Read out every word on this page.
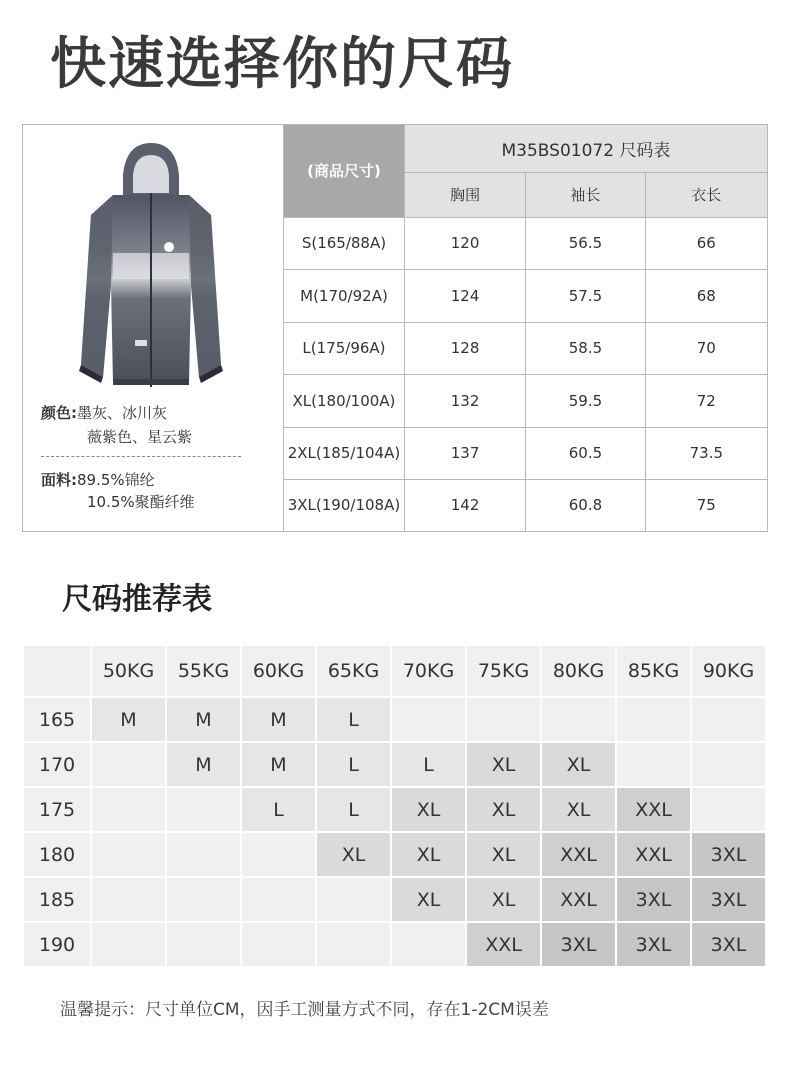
快速选择你的尺码
颜色:墨灰、冰川灰
薇紫色、星云紫
面料:89.5%锦纶
10.5%聚酯纤维
(商品尺寸)	M35BS01072 尺码表		
	胸围	袖长	衣长
S(165/88A)	120	56.5	66
M(170/92A)	124	57.5	68
L(175/96A)	128	58.5	70
XL(180/100A)	132	59.5	72
2XL(185/104A)	137	60.5	73.5
3XL(190/108A)	142	60.8	75
尺码推荐表
	50KG	55KG	60KG	65KG	70KG	75KG	80KG	85KG	90KG
165	M	M	M	L					
170		M	M	L	L	XL	XL		
175			L	L	XL	XL	XL	XXL	
180				XL	XL	XL	XXL	XXL	3XL
185					XL	XL	XXL	3XL	3XL
190						XXL	3XL	3XL	3XL
温馨提示：尺寸单位CM，因手工测量方式不同，存在1-2CM误差
